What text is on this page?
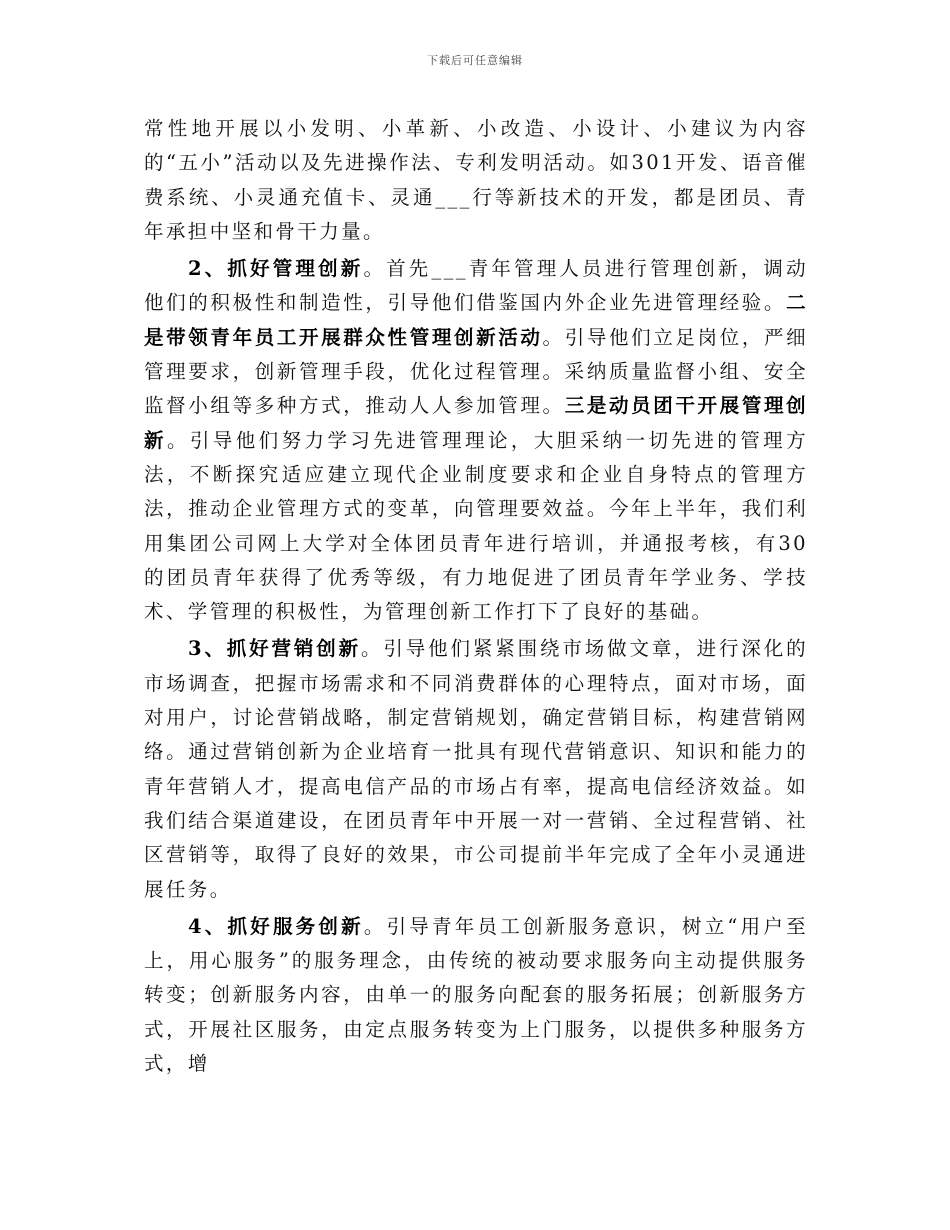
下载后可任意编辑

常性地开展以小发明、小革新、小改造、小设计、小建议为内容的“五小”活动以及先进操作法、专利发明活动。如301开发、语音催费系统、小灵通充值卡、灵通___行等新技术的开发，都是团员、青年承担中坚和骨干力量。

2、抓好管理创新。首先___青年管理人员进行管理创新，调动他们的积极性和制造性，引导他们借鉴国内外企业先进管理经验。二是带领青年员工开展群众性管理创新活动。引导他们立足岗位，严细管理要求，创新管理手段，优化过程管理。采纳质量监督小组、安全监督小组等多种方式，推动人人参加管理。三是动员团干开展管理创新。引导他们努力学习先进管理理论，大胆采纳一切先进的管理方法，不断探究适应建立现代企业制度要求和企业自身特点的管理方法，推动企业管理方式的变革，向管理要效益。今年上半年，我们利用集团公司网上大学对全体团员青年进行培训，并通报考核，有30的团员青年获得了优秀等级，有力地促进了团员青年学业务、学技术、学管理的积极性，为管理创新工作打下了良好的基础。

3、抓好营销创新。引导他们紧紧围绕市场做文章，进行深化的市场调查，把握市场需求和不同消费群体的心理特点，面对市场，面对用户，讨论营销战略，制定营销规划，确定营销目标，构建营销网络。通过营销创新为企业培育一批具有现代营销意识、知识和能力的青年营销人才，提高电信产品的市场占有率，提高电信经济效益。如我们结合渠道建设，在团员青年中开展一对一营销、全过程营销、社区营销等，取得了良好的效果，市公司提前半年完成了全年小灵通进展任务。

4、抓好服务创新。引导青年员工创新服务意识，树立“用户至上，用心服务”的服务理念，由传统的被动要求服务向主动提供服务转变；创新服务内容，由单一的服务向配套的服务拓展；创新服务方式，开展社区服务，由定点服务转变为上门服务，以提供多种服务方式，增
